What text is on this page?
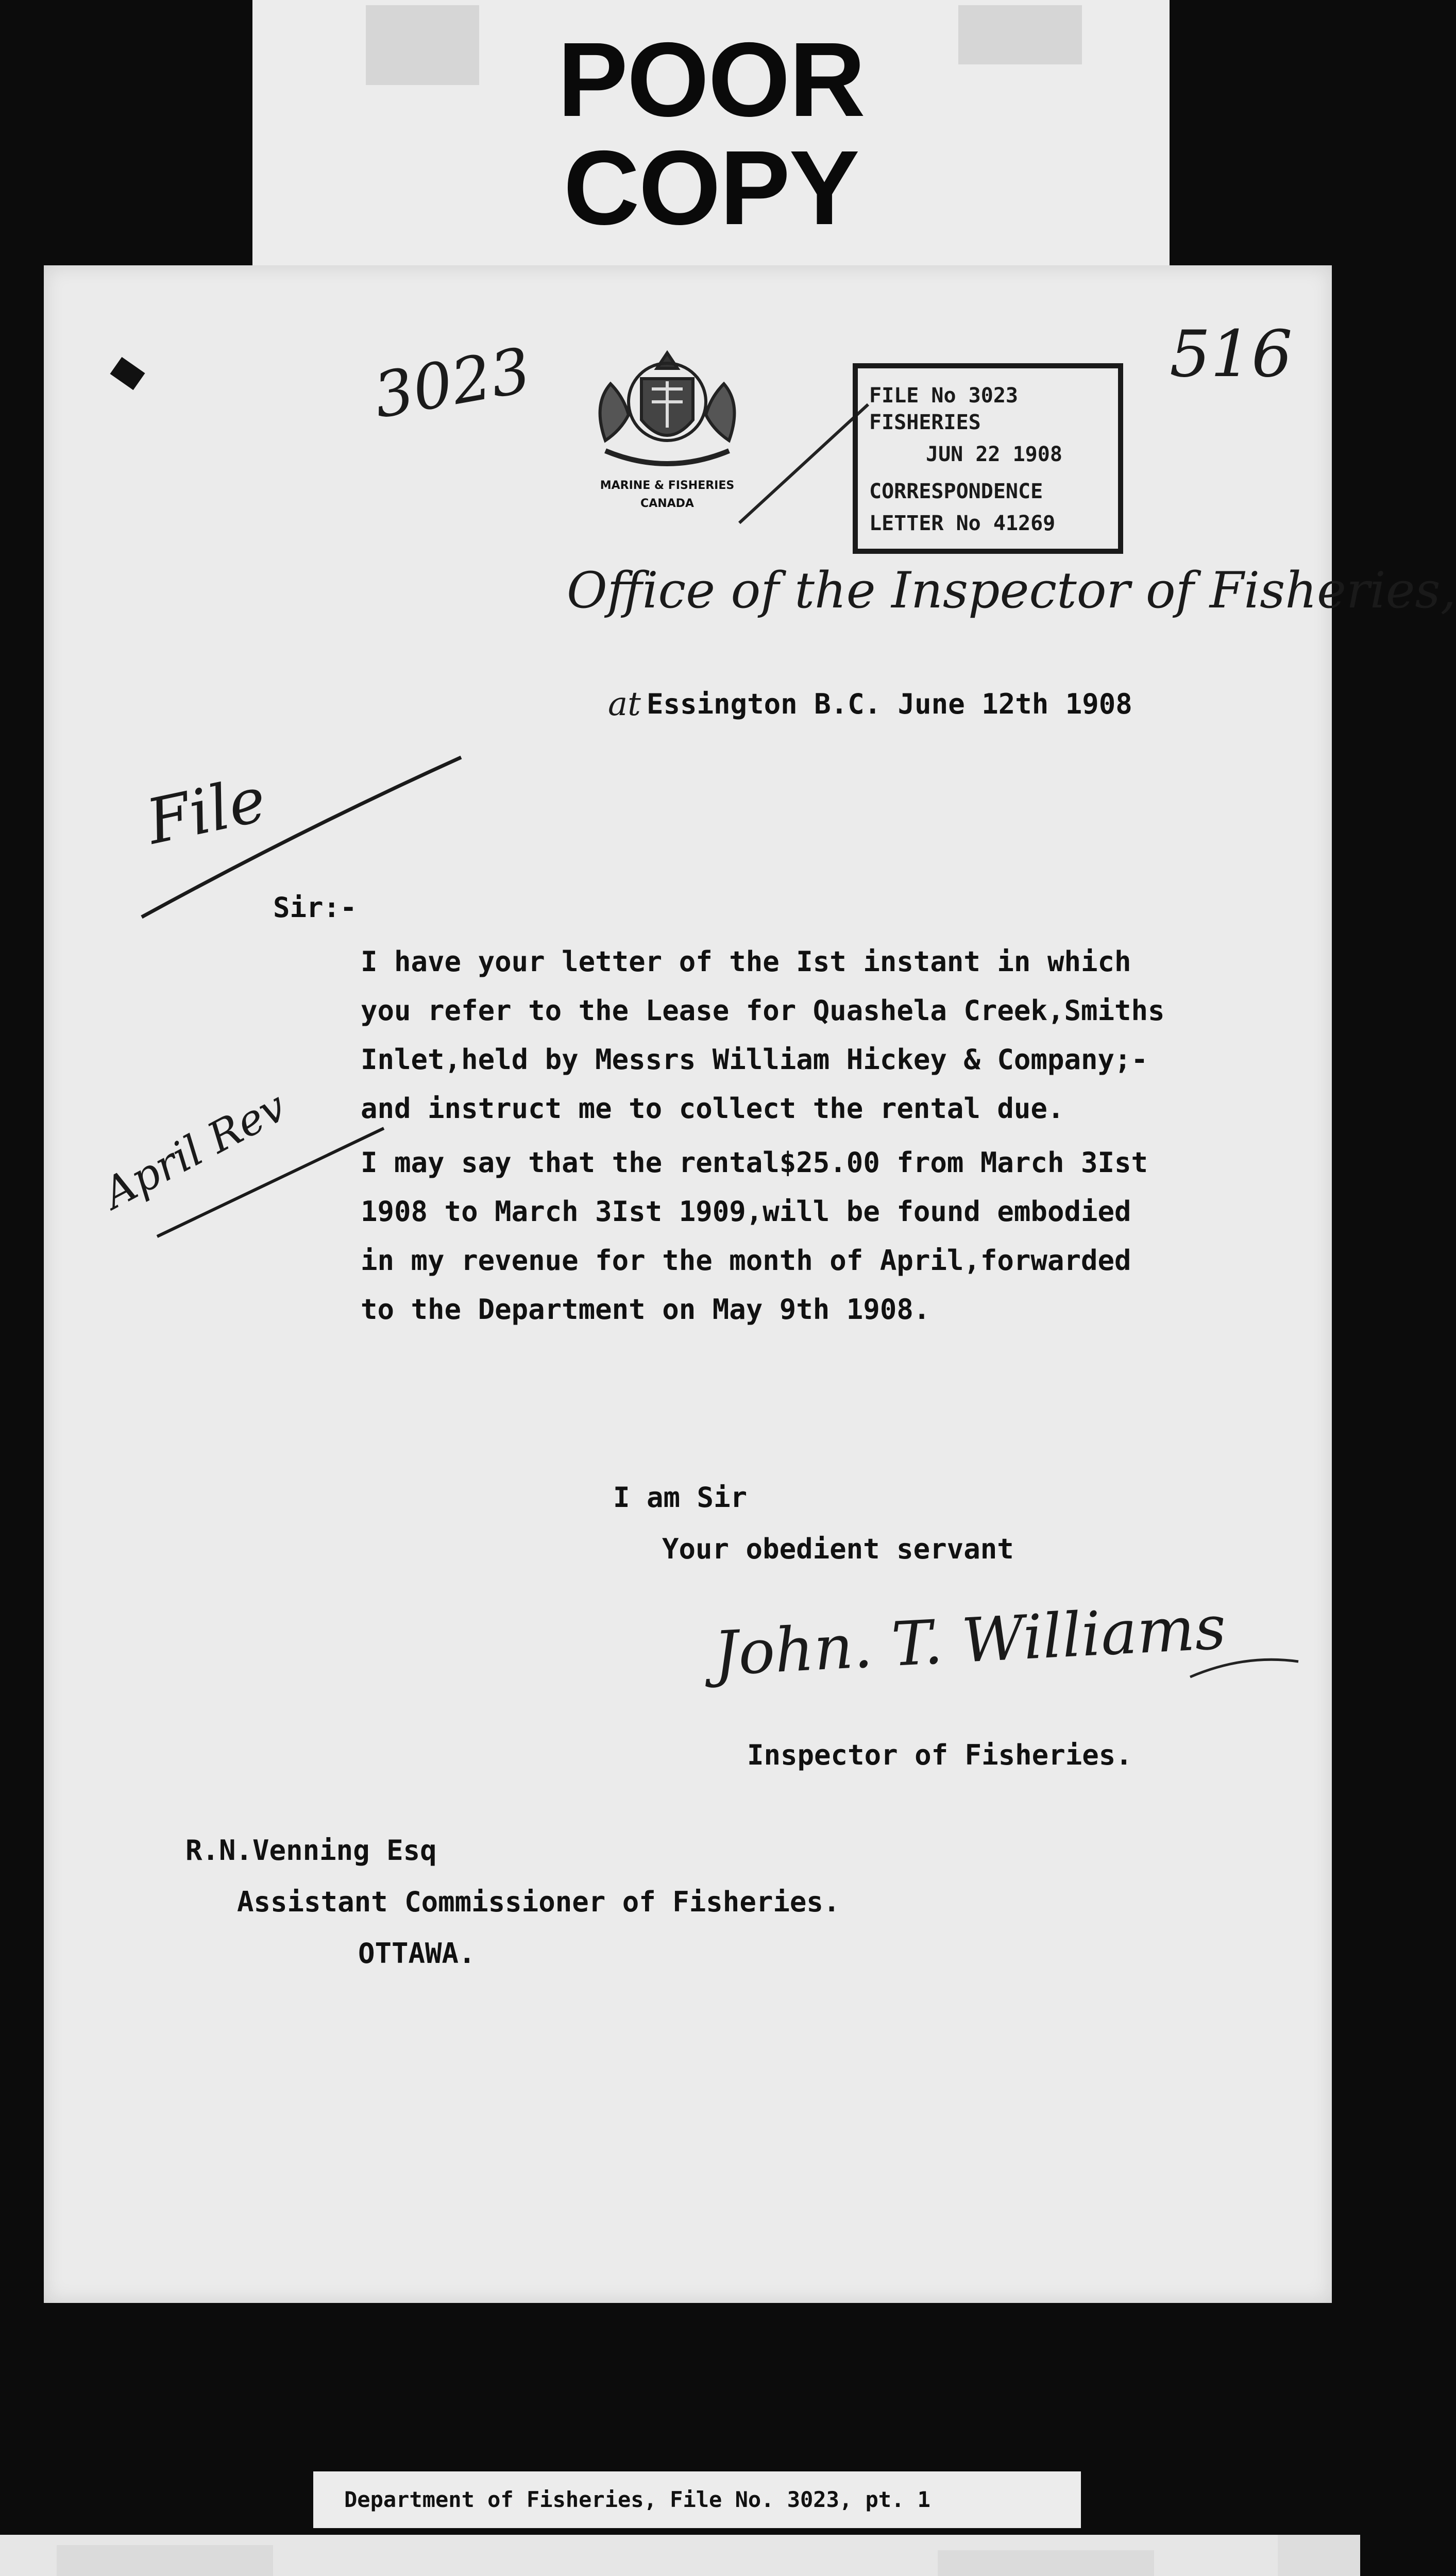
POOR
COPY
3023	516
MARINE & FISHERIES
CANADA
FILE No 3023
FISHERIES
JUN 22 1908
CORRESPONDENCE
LETTER No 41269
Office of the Inspector of Fisheries,
at Essington B.C. June 12th 1908
File
April Rev
Sir:-
I have your letter of the Ist instant in which
you refer to the Lease for Quashela Creek,Smiths
Inlet,held by Messrs William Hickey & Company;-
and instruct me to collect the rental due.
I may say that the rental$25.00 from March 3Ist
1908 to March 3Ist 1909,will be found embodied
in my revenue for the month of April,forwarded
to the Department on May 9th 1908.
I am Sir
Your obedient servant
John. T. Williams
Inspector of Fisheries.
R.N.Venning Esq
Assistant Commissioner of Fisheries.
OTTAWA.
Department of Fisheries, File No. 3023, pt. 1
